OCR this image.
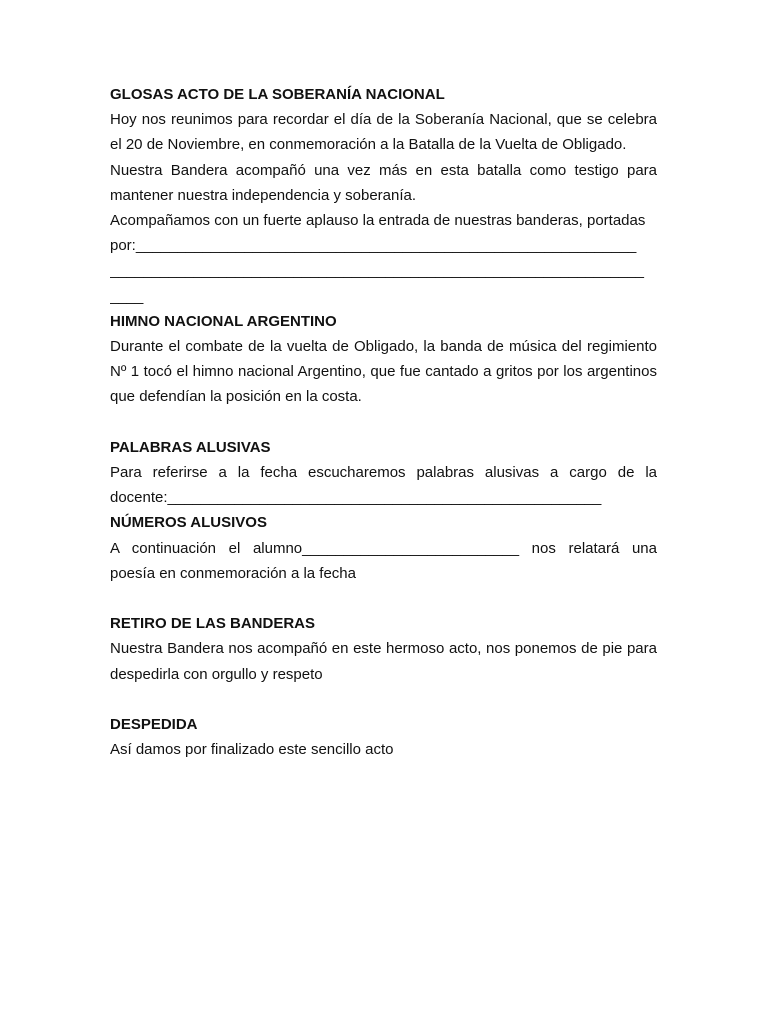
GLOSAS ACTO DE LA SOBERANÍA NACIONAL

Hoy nos reunimos para recordar el día de la Soberanía Nacional, que se celebra el 20 de Noviembre, en conmemoración a la Batalla de la Vuelta de Obligado.

Nuestra Bandera acompañó una vez más en esta batalla como testigo para mantener nuestra independencia y soberanía.

Acompañamos con un fuerte aplauso la entrada de nuestras banderas, portadas

por:____________________________________________________________

________________________________________________________________

____

HIMNO NACIONAL ARGENTINO

Durante el combate de la vuelta de Obligado, la banda de música del regimiento Nº 1 tocó el himno nacional Argentino, que fue cantado a gritos por los argentinos que defendían la posición en la costa.

PALABRAS ALUSIVAS

Para referirse a la fecha escucharemos palabras alusivas a cargo de la

docente:____________________________________________________

NÚMEROS ALUSIVOS

A continuación el alumno__________________________ nos relatará una

poesía en conmemoración a la fecha

RETIRO DE LAS BANDERAS

Nuestra Bandera nos acompañó en este hermoso acto, nos ponemos de pie para despedirla con orgullo y respeto

DESPEDIDA

Así damos por finalizado este sencillo acto
